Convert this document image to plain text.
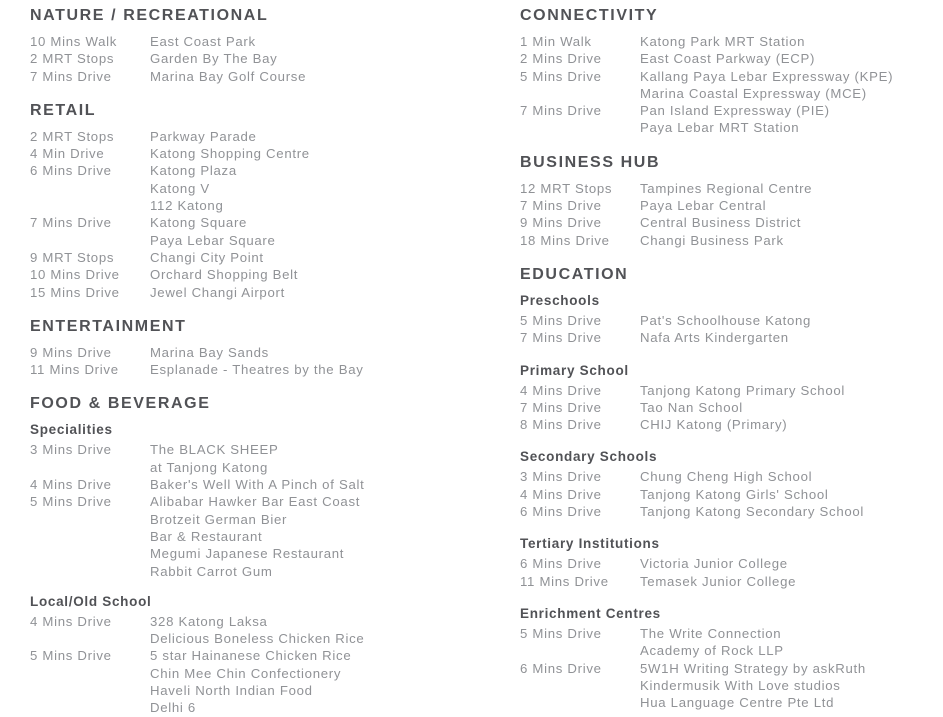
NATURE / RECREATIONAL
10 Mins Walk	East Coast Park
2 MRT Stops	Garden By The Bay
7 Mins Drive	Marina Bay Golf Course
RETAIL
2 MRT Stops	Parkway Parade
4 Min Drive	Katong Shopping Centre
6 Mins Drive	Katong Plaza
Katong V
112 Katong
7 Mins Drive	Katong Square
Paya Lebar Square
9 MRT Stops	Changi City Point
10 Mins Drive	Orchard Shopping Belt
15 Mins Drive	Jewel Changi Airport
ENTERTAINMENT
9 Mins Drive	Marina Bay Sands
11 Mins Drive	Esplanade - Theatres by the Bay
FOOD & BEVERAGE
Specialities
3 Mins Drive	The BLACK SHEEP
at Tanjong Katong
4 Mins Drive	Baker's Well With A Pinch of Salt
5 Mins Drive	Alibabar Hawker Bar East Coast
Brotzeit German Bier
Bar & Restaurant
Megumi Japanese Restaurant
Rabbit Carrot Gum
Local/Old School
4 Mins Drive	328 Katong Laksa
Delicious Boneless Chicken Rice
5 Mins Drive	5 star Hainanese Chicken Rice
Chin Mee Chin Confectionery
Haveli North Indian Food
Delhi 6
CONNECTIVITY
1 Min Walk	Katong Park MRT Station
2 Mins Drive	East Coast Parkway (ECP)
5 Mins Drive	Kallang Paya Lebar Expressway (KPE)
Marina Coastal Expressway (MCE)
7 Mins Drive	Pan Island Expressway (PIE)
Paya Lebar MRT Station
BUSINESS HUB
12 MRT Stops	Tampines Regional Centre
7 Mins Drive	Paya Lebar Central
9 Mins Drive	Central Business District
18 Mins Drive	Changi Business Park
EDUCATION
Preschools
5 Mins Drive	Pat's Schoolhouse Katong
7 Mins Drive	Nafa Arts Kindergarten
Primary School
4 Mins Drive	Tanjong Katong Primary School
7 Mins Drive	Tao Nan School
8 Mins Drive	CHIJ Katong (Primary)
Secondary Schools
3 Mins Drive	Chung Cheng High School
4 Mins Drive	Tanjong Katong Girls' School
6 Mins Drive	Tanjong Katong Secondary School
Tertiary Institutions
6 Mins Drive	Victoria Junior College
11 Mins Drive	Temasek Junior College
Enrichment Centres
5 Mins Drive	The Write Connection
Academy of Rock LLP
6 Mins Drive	5W1H Writing Strategy by askRuth
Kindermusik With Love studios
Hua Language Centre Pte Ltd
